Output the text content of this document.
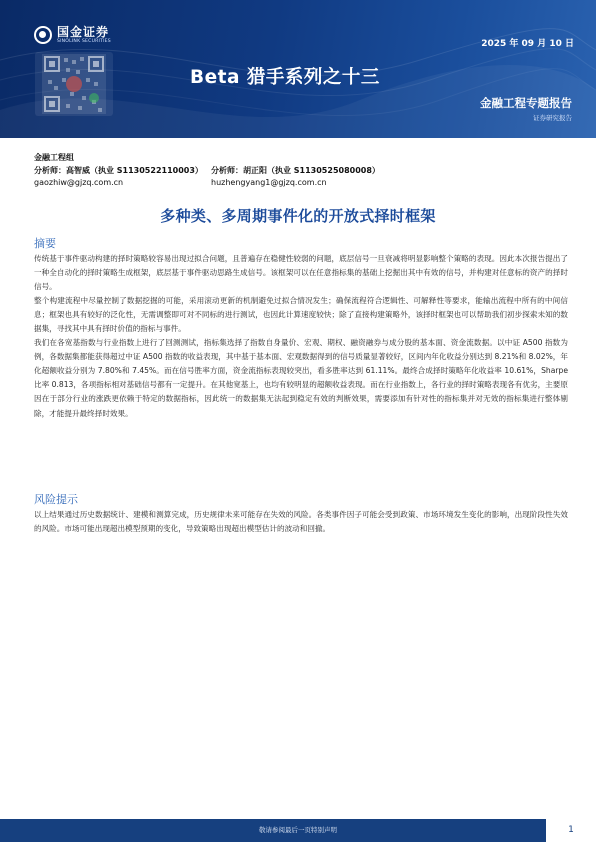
国金证券
SINOLINK SECURITIES	2025 年 09 月 10 日
Beta 猎手系列之十三
金融工程专题报告
证券研究报告
金融工程组
分析师：高智威（执业 S1130522110003）	分析师：胡正阳（执业 S1130525080008）
gaozhiw@gjzq.com.cn	huzhengyang1@gjzq.com.cn
多种类、多周期事件化的开放式择时框架
摘要

传统基于事件驱动构建的择时策略较容易出现过拟合问题，且普遍存在稳健性较弱的问题，底层信号一旦衰减将明显影响整个策略的表现。因此本次报告提出了一种全自动化的择时策略生成框架，底层基于事件驱动思路生成信号。该框架可以在任意指标集的基础上挖掘出其中有效的信号，并构建对任意标的资产的择时信号。

整个构建流程中尽量控制了数据挖掘的可能，采用滚动更新的机制避免过拟合情况发生；确保流程符合逻辑性、可解释性等要求，能输出流程中所有的中间信息；框架也具有较好的泛化性，无需调整即可对不同标的进行测试，也因此计算速度较快；除了直接构建策略外，该择时框架也可以帮助我们初步探索未知的数据集，寻找其中具有择时价值的指标与事件。

我们在各宽基指数与行业指数上进行了回测测试，指标集选择了指数自身量价、宏观、期权、融资融券与成分股的基本面、资金流数据。以中证 A500 指数为例，各数据集都能获得超过中证 A500 指数的收益表现，其中基于基本面、宏观数据得到的信号质量显著较好，区间内年化收益分别达到 8.21%和 8.02%，年化超额收益分别为 7.80%和 7.45%。而在信号胜率方面，资金流指标表现较突出，看多胜率达到 61.11%。最终合成择时策略年化收益率 10.61%，Sharpe 比率 0.813，各项指标相对基础信号都有一定提升。在其他宽基上，也均有较明显的超额收益表现。而在行业指数上，各行业的择时策略表现各有优劣，主要原因在于部分行业的涨跌更依赖于特定的数据指标，因此统一的数据集无法起到稳定有效的判断效果，需要添加有针对性的指标集并对无效的指标集进行整体剔除，才能提升最终择时效果。

风险提示

以上结果通过历史数据统计、建模和测算完成，历史规律未来可能存在失效的风险。各类事件因子可能会受到政策、市场环境发生变化的影响，出现阶段性失效的风险。市场可能出现超出模型预期的变化，导致策略出现超出模型估计的波动和回撤。

敬请参阅最后一页特别声明	1
